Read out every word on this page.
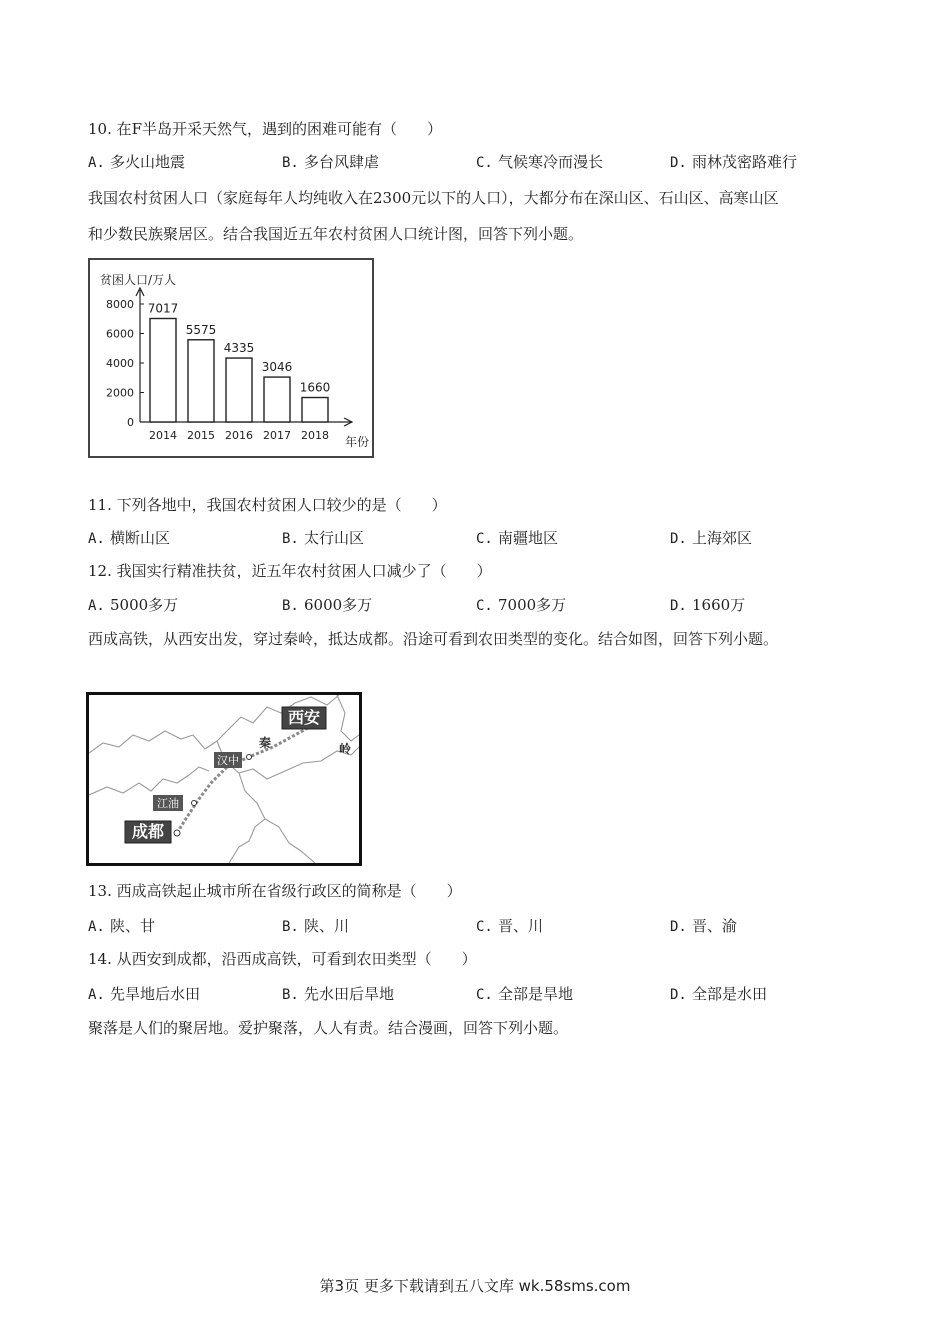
10. 在F半岛开采天然气，遇到的困难可能有（　　）
A. 多火山地震	B. 多台风肆虐	C. 气候寒冷而漫长	D. 雨林茂密路难行
我国农村贫困人口（家庭每年人均纯收入在2300元以下的人口），大都分布在深山区、石山区、高寒山区
和少数民族聚居区。结合我国近五年农村贫困人口统计图，回答下列小题。
贫困人口/万人
0
2000
4000
6000
8000 7017
5575
4335
3046
1660
2014 2015 2016 2017 2018 年份
11. 下列各地中，我国农村贫困人口较少的是（　　）
A. 横断山区	B. 太行山区	C. 南疆地区	D. 上海郊区
12. 我国实行精准扶贫，近五年农村贫困人口减少了（　　）
A. 5000多万	B. 6000多万	C. 7000多万	D. 1660万
西成高铁，从西安出发，穿过秦岭，抵达成都。沿途可看到农田类型的变化。结合如图，回答下列小题。
西安
汉中
江油
成都
秦	岭
13. 西成高铁起止城市所在省级行政区的简称是（　　）
A. 陕、甘	B. 陕、川	C. 晋、川	D. 晋、渝
14. 从西安到成都，沿西成高铁，可看到农田类型（　　）
A. 先旱地后水田	B. 先水田后旱地	C. 全部是旱地	D. 全部是水田
聚落是人们的聚居地。爱护聚落，人人有责。结合漫画，回答下列小题。
第3页 更多下载请到五八文库 wk.58sms.com
